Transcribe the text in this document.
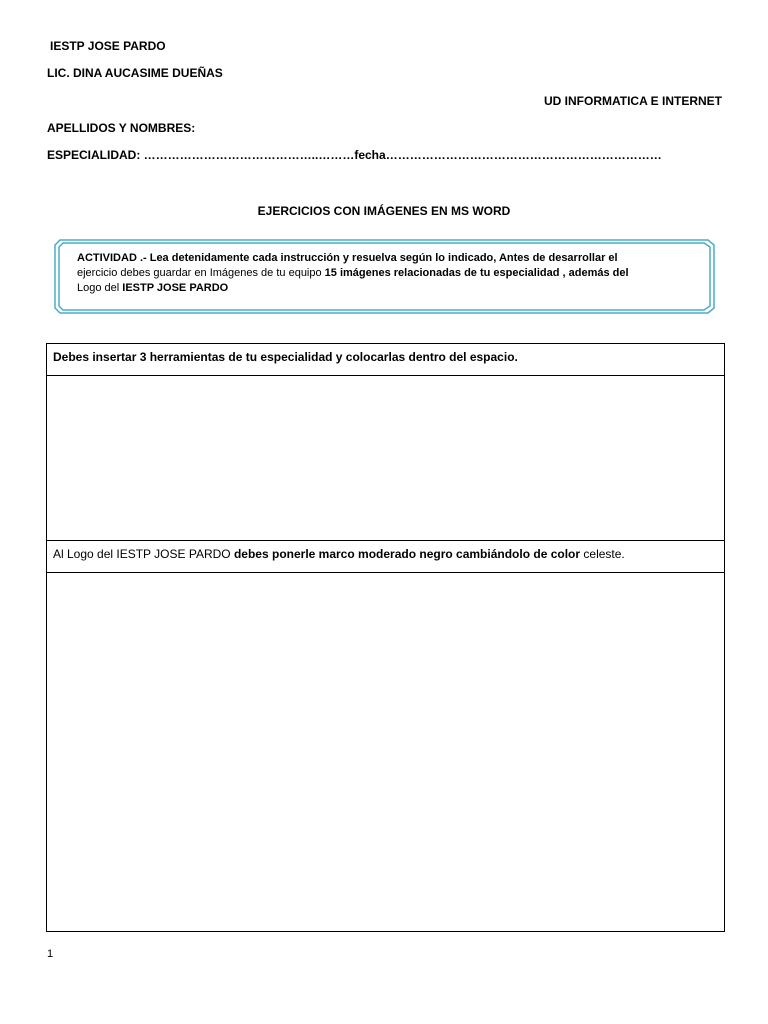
IESTP JOSE PARDO
LIC. DINA AUCASIME DUEÑAS
UD INFORMATICA E INTERNET
APELLIDOS Y NOMBRES:
ESPECIALIDAD: ……………………………………..………fecha……………………………………………………………
EJERCICIOS CON IMÁGENES EN MS WORD
ACTIVIDAD .- Lea detenidamente cada instrucción y resuelva según lo indicado, Antes de desarrollar el
ejercicio debes guardar en Imágenes de tu equipo 15 imágenes relacionadas de tu especialidad , además del
Logo del IESTP JOSE PARDO
Debes insertar 3 herramientas de tu especialidad y colocarlas dentro del espacio.
Al Logo del IESTP JOSE PARDO debes ponerle marco moderado negro cambiándolo de color celeste.
1
